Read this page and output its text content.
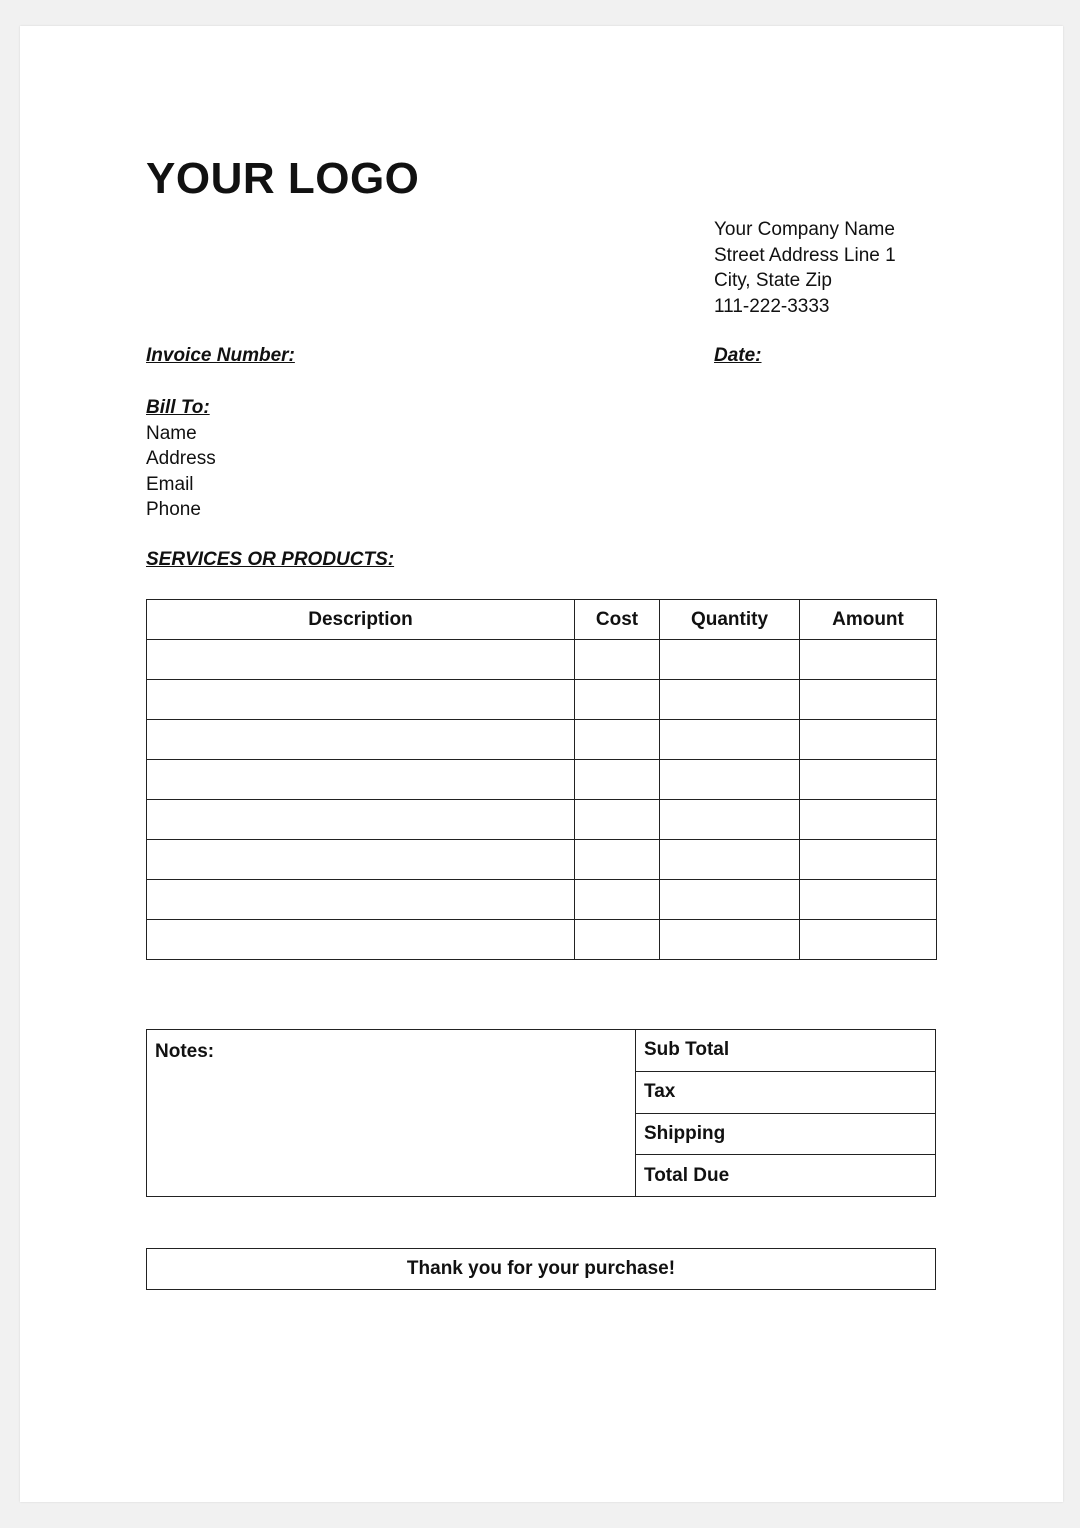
YOUR LOGO
Your Company Name
Street Address Line 1
City, State Zip
111-222-3333
Invoice Number:	Date:
Bill To:
Name
Address
Email
Phone
SERVICES OR PRODUCTS:
Description	Cost	Quantity	Amount

Notes:	Sub Total
Tax
Shipping
Total Due
Thank you for your purchase!
